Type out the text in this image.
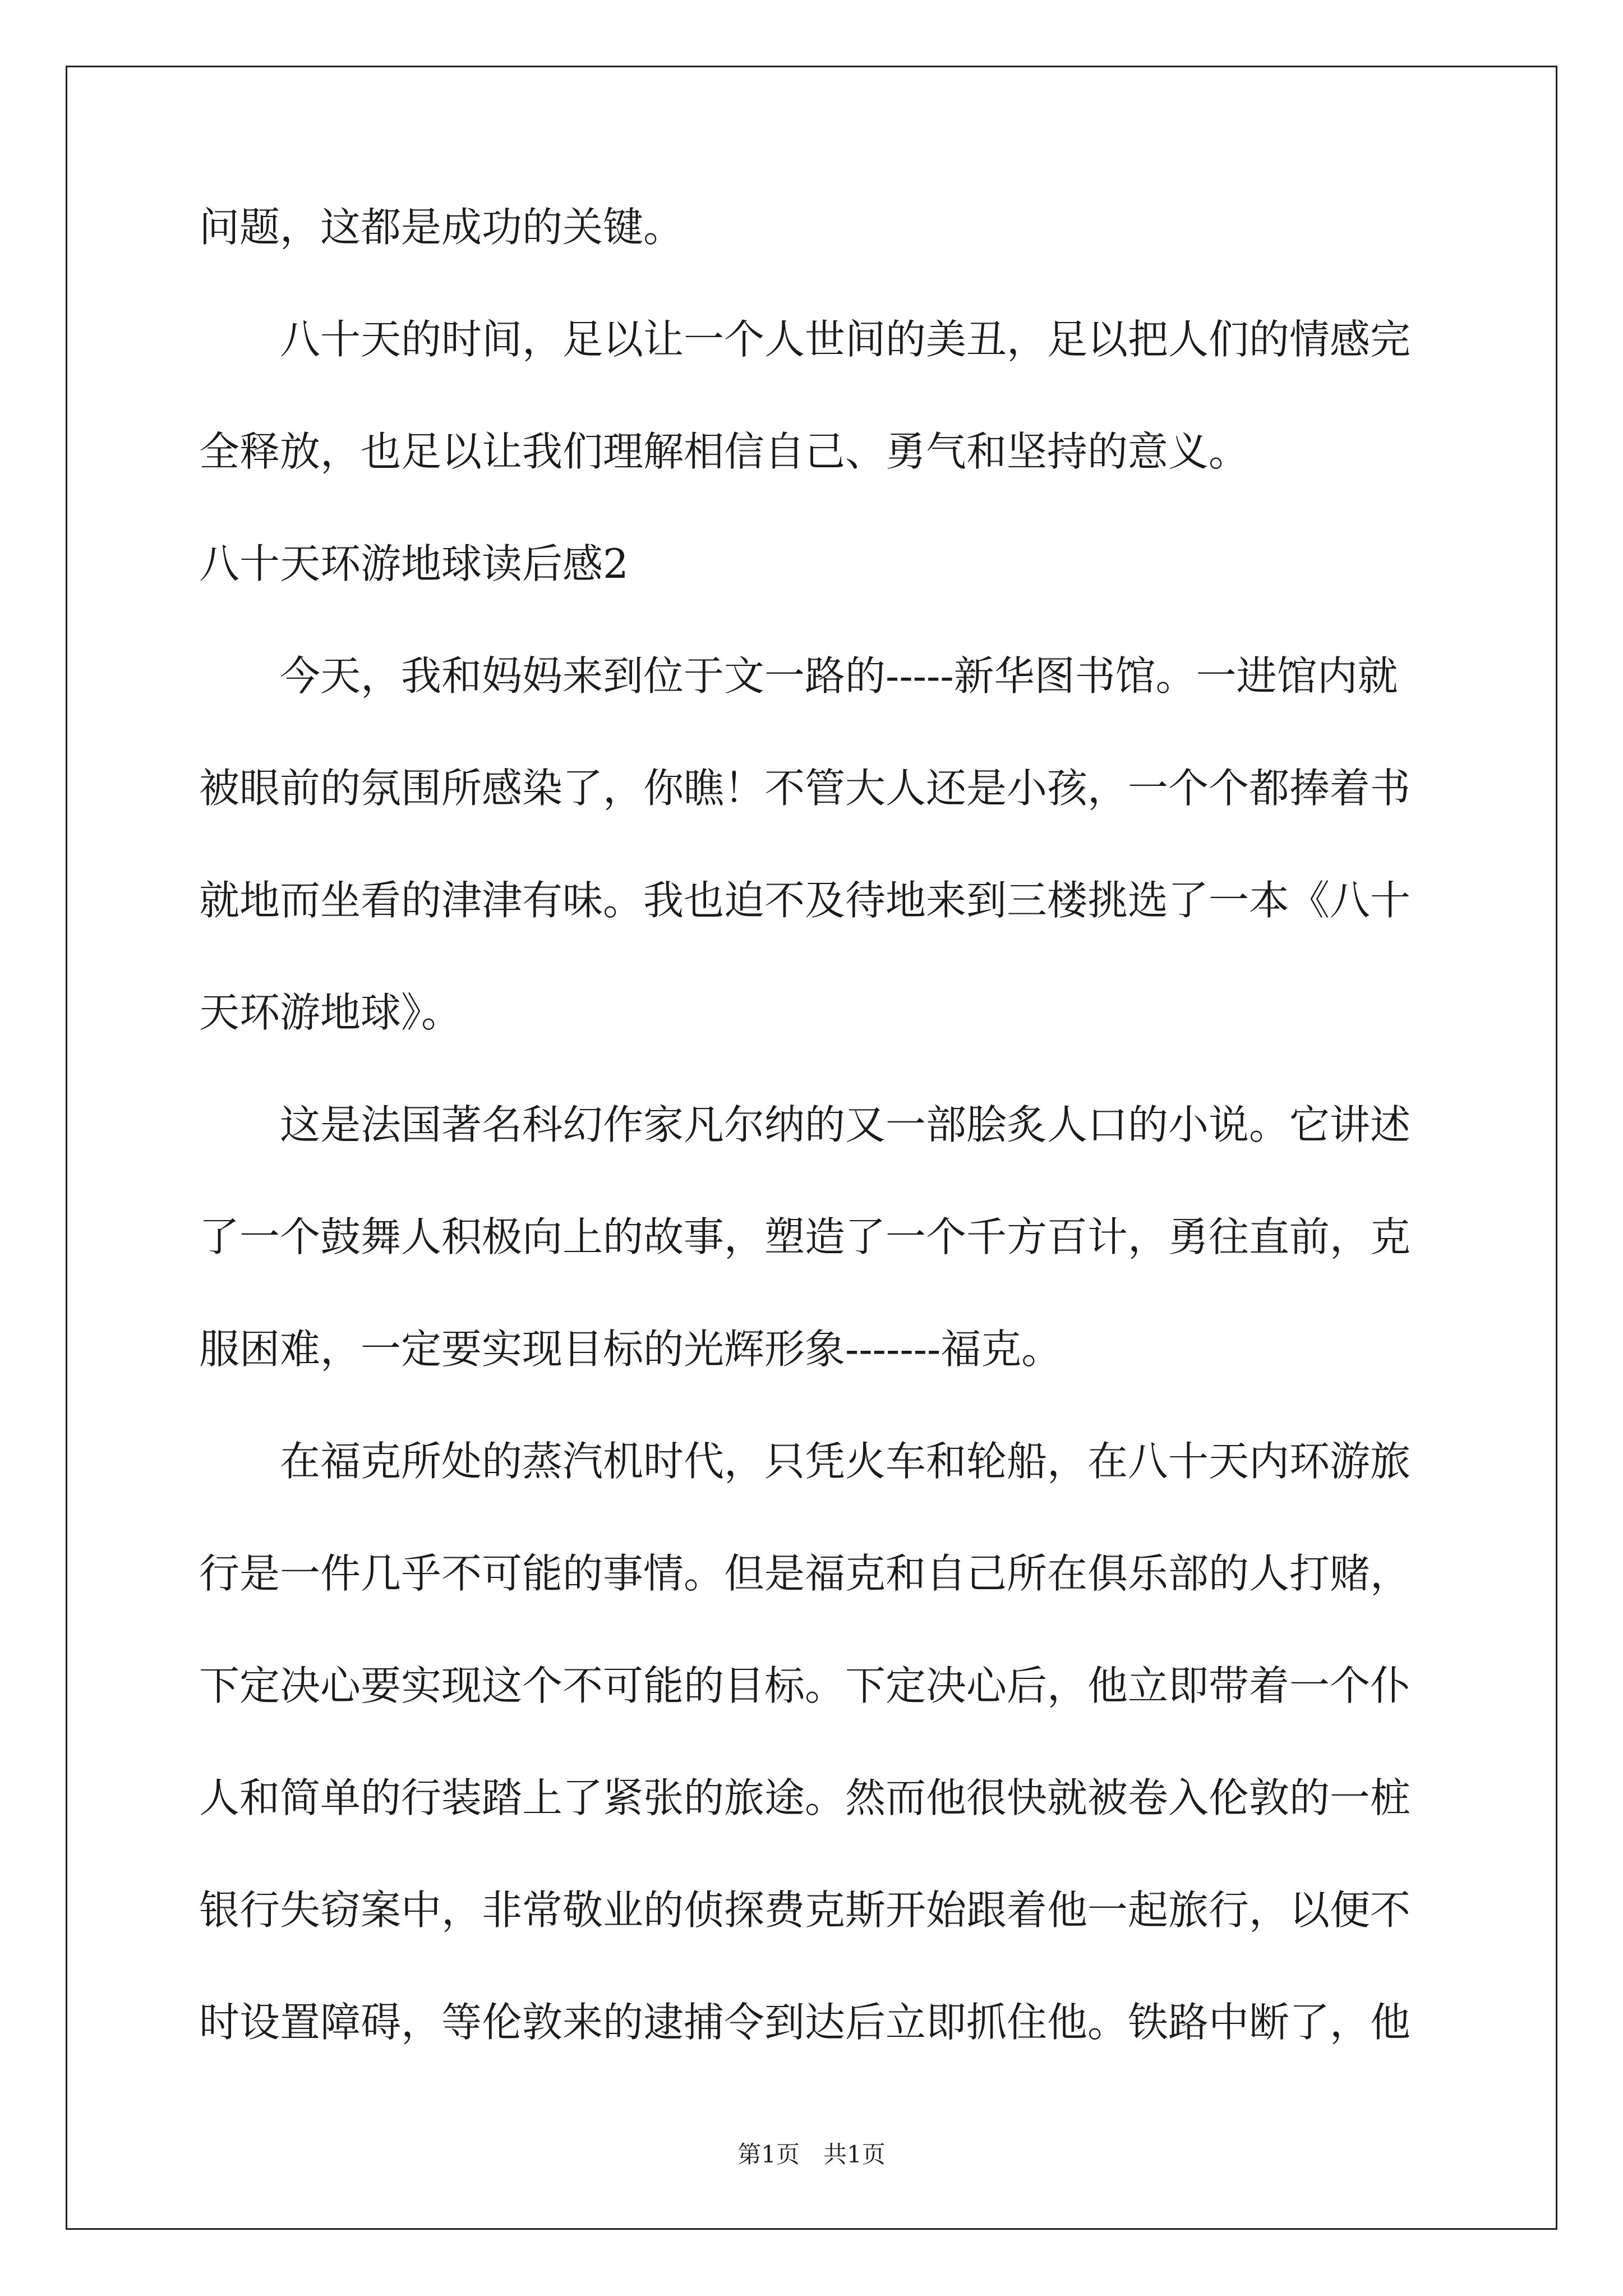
问题，这都是成功的关键。
　　八十天的时间，足以让一个人世间的美丑，足以把人们的情感完
全释放，也足以让我们理解相信自己、勇气和坚持的意义。
八十天环游地球读后感2
　　今天，我和妈妈来到位于文一路的-----新华图书馆。一进馆内就
被眼前的氛围所感染了，你瞧！不管大人还是小孩，一个个都捧着书
就地而坐看的津津有味。我也迫不及待地来到三楼挑选了一本《八十
天环游地球》。
　　这是法国著名科幻作家凡尔纳的又一部脍炙人口的小说。它讲述
了一个鼓舞人积极向上的故事，塑造了一个千方百计，勇往直前，克
服困难，一定要实现目标的光辉形象-------福克。
　　在福克所处的蒸汽机时代，只凭火车和轮船，在八十天内环游旅
行是一件几乎不可能的事情。但是福克和自己所在俱乐部的人打赌，
下定决心要实现这个不可能的目标。下定决心后，他立即带着一个仆
人和简单的行装踏上了紧张的旅途。然而他很快就被卷入伦敦的一桩
银行失窃案中，非常敬业的侦探费克斯开始跟着他一起旅行，以便不
时设置障碍，等伦敦来的逮捕令到达后立即抓住他。铁路中断了，他
第1页　共1页
